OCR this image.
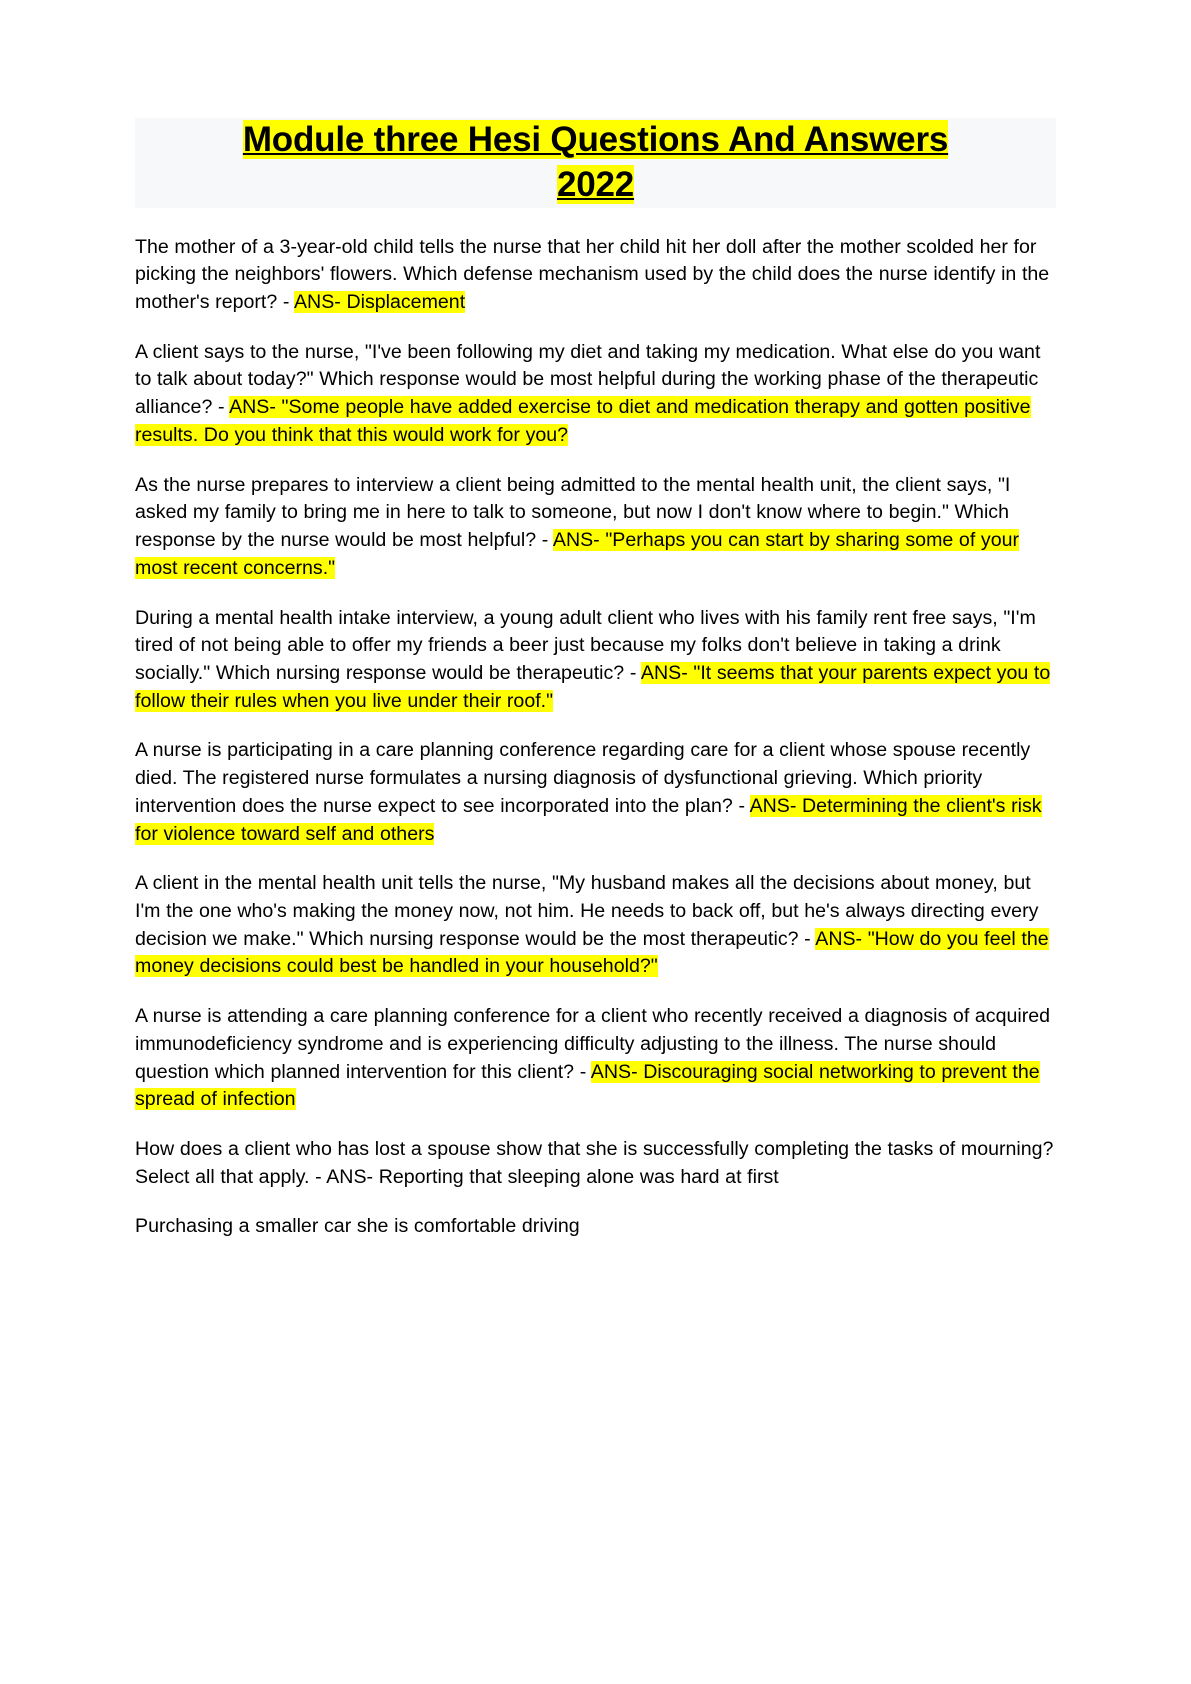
Module three Hesi Questions And Answers
2022

The mother of a 3-year-old child tells the nurse that her child hit her doll after the mother scolded her for picking the neighbors' flowers. Which defense mechanism used by the child does the nurse identify in the mother's report? - ANS- Displacement

A client says to the nurse, "I've been following my diet and taking my medication. What else do you want to talk about today?" Which response would be most helpful during the working phase of the therapeutic alliance? - ANS- "Some people have added exercise to diet and medication therapy and gotten positive results. Do you think that this would work for you?

As the nurse prepares to interview a client being admitted to the mental health unit, the client says, "I asked my family to bring me in here to talk to someone, but now I don't know where to begin." Which response by the nurse would be most helpful? - ANS- "Perhaps you can start by sharing some of your most recent concerns."

During a mental health intake interview, a young adult client who lives with his family rent free says, "I'm tired of not being able to offer my friends a beer just because my folks don't believe in taking a drink socially." Which nursing response would be therapeutic? - ANS- "It seems that your parents expect you to follow their rules when you live under their roof."

A nurse is participating in a care planning conference regarding care for a client whose spouse recently died. The registered nurse formulates a nursing diagnosis of dysfunctional grieving. Which priority intervention does the nurse expect to see incorporated into the plan? - ANS- Determining the client's risk for violence toward self and others

A client in the mental health unit tells the nurse, "My husband makes all the decisions about money, but I'm the one who's making the money now, not him. He needs to back off, but he's always directing every decision we make." Which nursing response would be the most therapeutic? - ANS- "How do you feel the money decisions could best be handled in your household?"

A nurse is attending a care planning conference for a client who recently received a diagnosis of acquired immunodeficiency syndrome and is experiencing difficulty adjusting to the illness. The nurse should question which planned intervention for this client? - ANS- Discouraging social networking to prevent the spread of infection

How does a client who has lost a spouse show that she is successfully completing the tasks of mourning? Select all that apply. - ANS- Reporting that sleeping alone was hard at first

Purchasing a smaller car she is comfortable driving
